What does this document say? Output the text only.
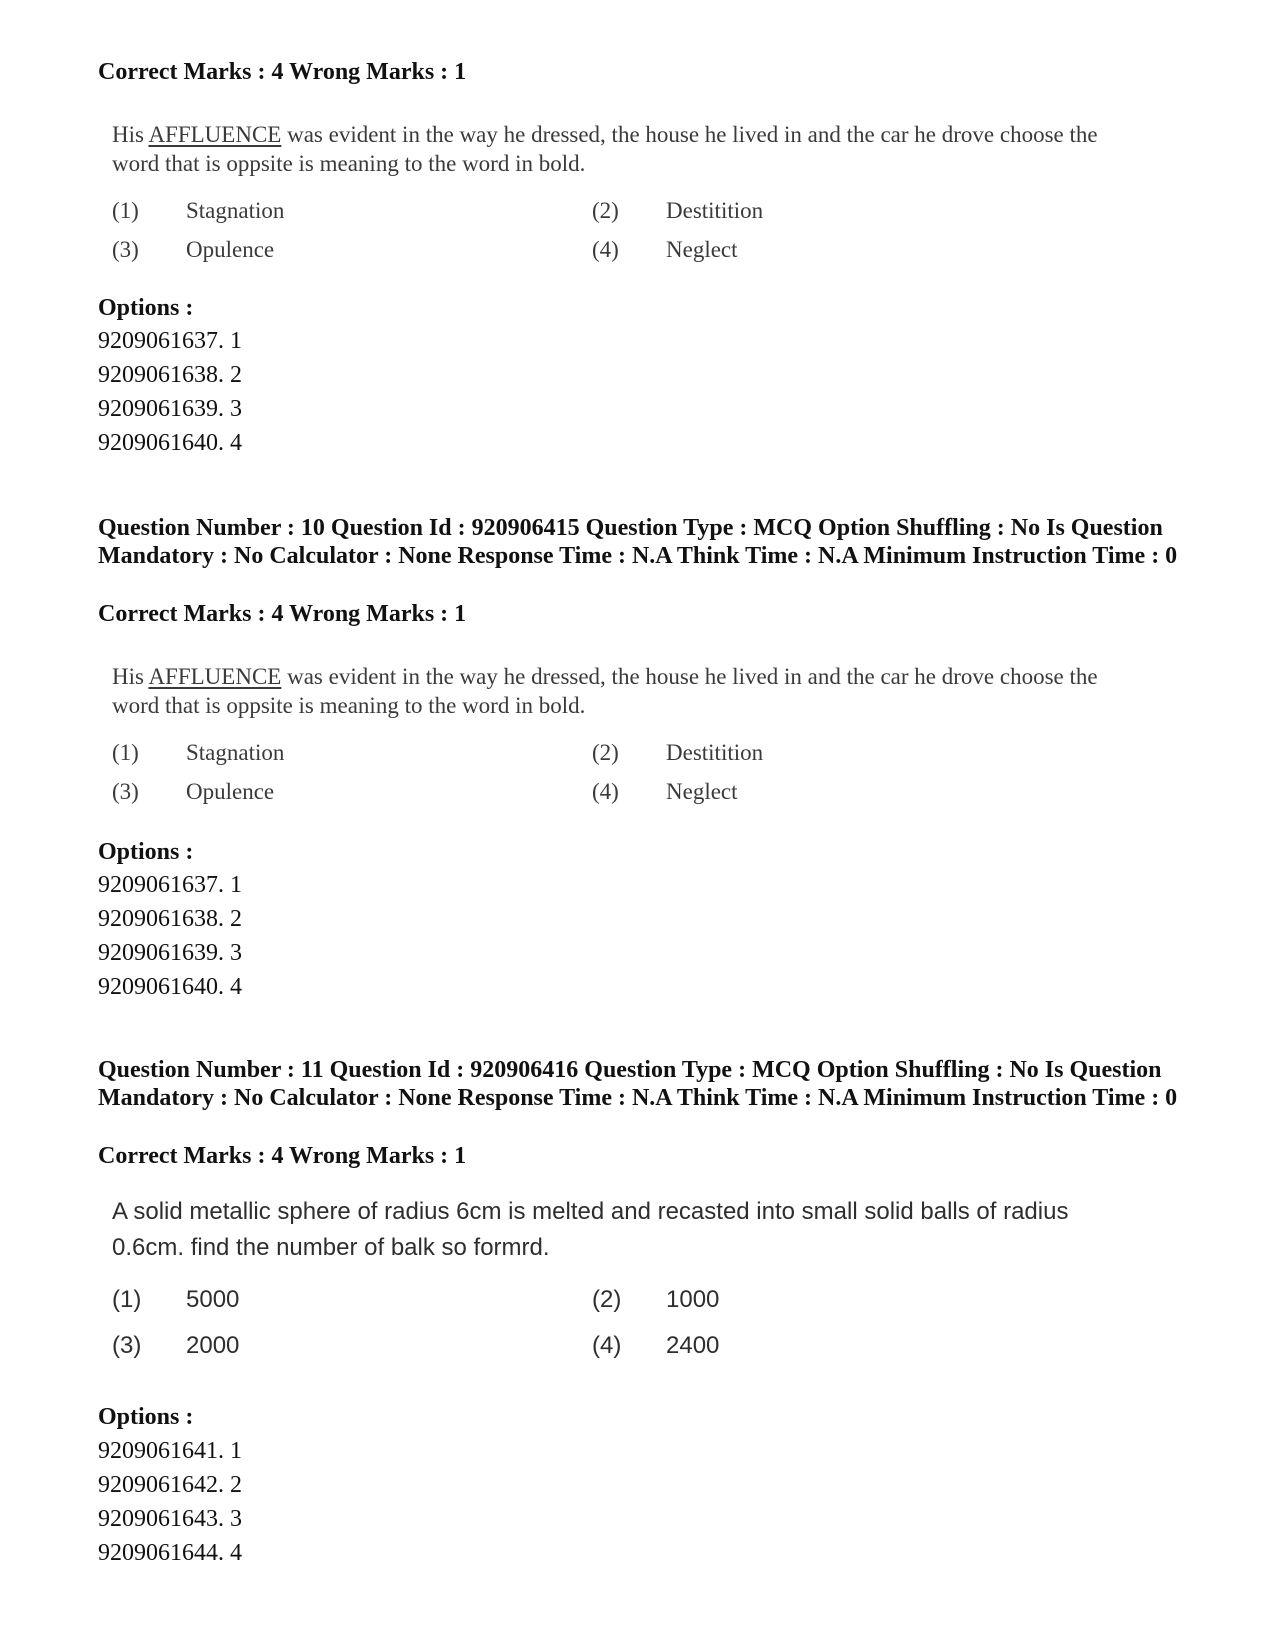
Correct Marks : 4 Wrong Marks : 1

His AFFLUENCE was evident in the way he dressed, the house he lived in and the car he drove choose the word that is oppsite is meaning to the word in bold.

(1) Stagnation	(2) Destitition
(3) Opulence	(4) Neglect

Options :

9209061637. 1

9209061638. 2

9209061639. 3

9209061640. 4

Question Number : 10 Question Id : 920906415 Question Type : MCQ Option Shuffling : No Is Question Mandatory : No Calculator : None Response Time : N.A Think Time : N.A Minimum Instruction Time : 0

Correct Marks : 4 Wrong Marks : 1

His AFFLUENCE was evident in the way he dressed, the house he lived in and the car he drove choose the word that is oppsite is meaning to the word in bold.

(1) Stagnation	(2) Destitition
(3) Opulence	(4) Neglect

Options :

9209061637. 1

9209061638. 2

9209061639. 3

9209061640. 4

Question Number : 11 Question Id : 920906416 Question Type : MCQ Option Shuffling : No Is Question Mandatory : No Calculator : None Response Time : N.A Think Time : N.A Minimum Instruction Time : 0

Correct Marks : 4 Wrong Marks : 1

A solid metallic sphere of radius 6cm is melted and recasted into small solid balls of radius 0.6cm. find the number of balk so formrd.

(1) 5000	(2) 1000
(3) 2000	(4) 2400

Options :

9209061641. 1

9209061642. 2

9209061643. 3

9209061644. 4
